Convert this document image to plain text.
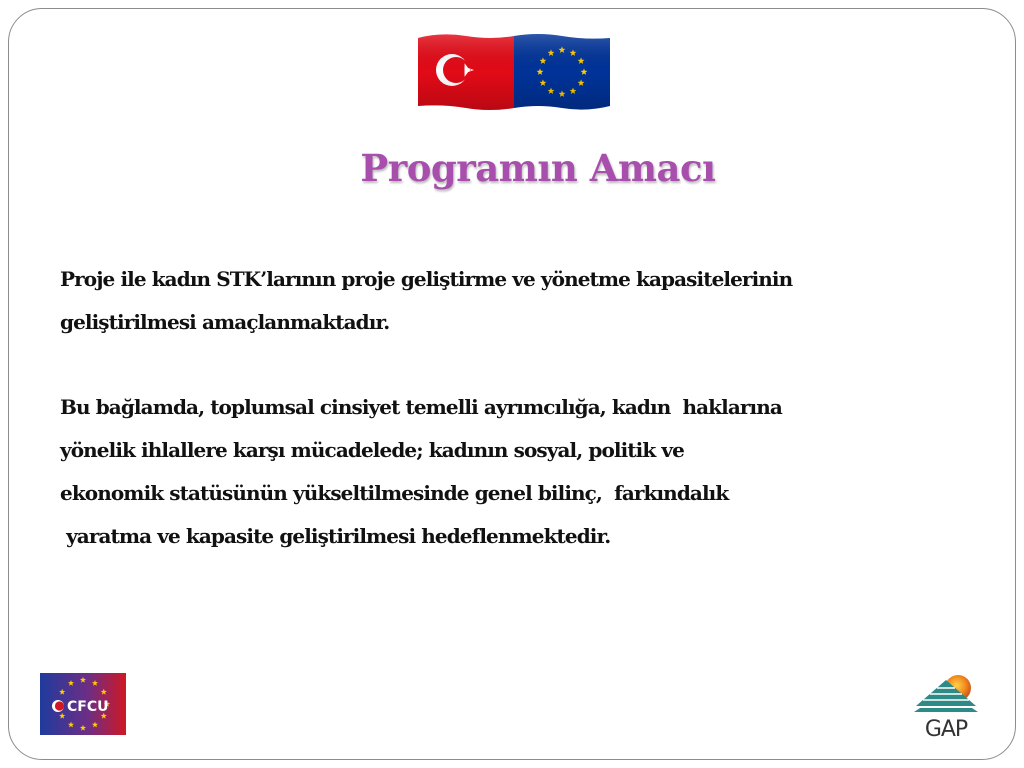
Programın Amacı
Proje ile kadın STK’larının proje geliştirme ve yönetme kapasitelerinin
geliştirilmesi amaçlanmaktadır.
Bu bağlamda, toplumsal cinsiyet temelli ayrımcılığa, kadın  haklarına
yönelik ihlallere karşı mücadelede; kadının sosyal, politik ve
ekonomik statüsünün yükseltilmesinde genel bilinç,  farkındalık
yaratma ve kapasite geliştirilmesi hedeflenmektedir.
CFCU
GAP
